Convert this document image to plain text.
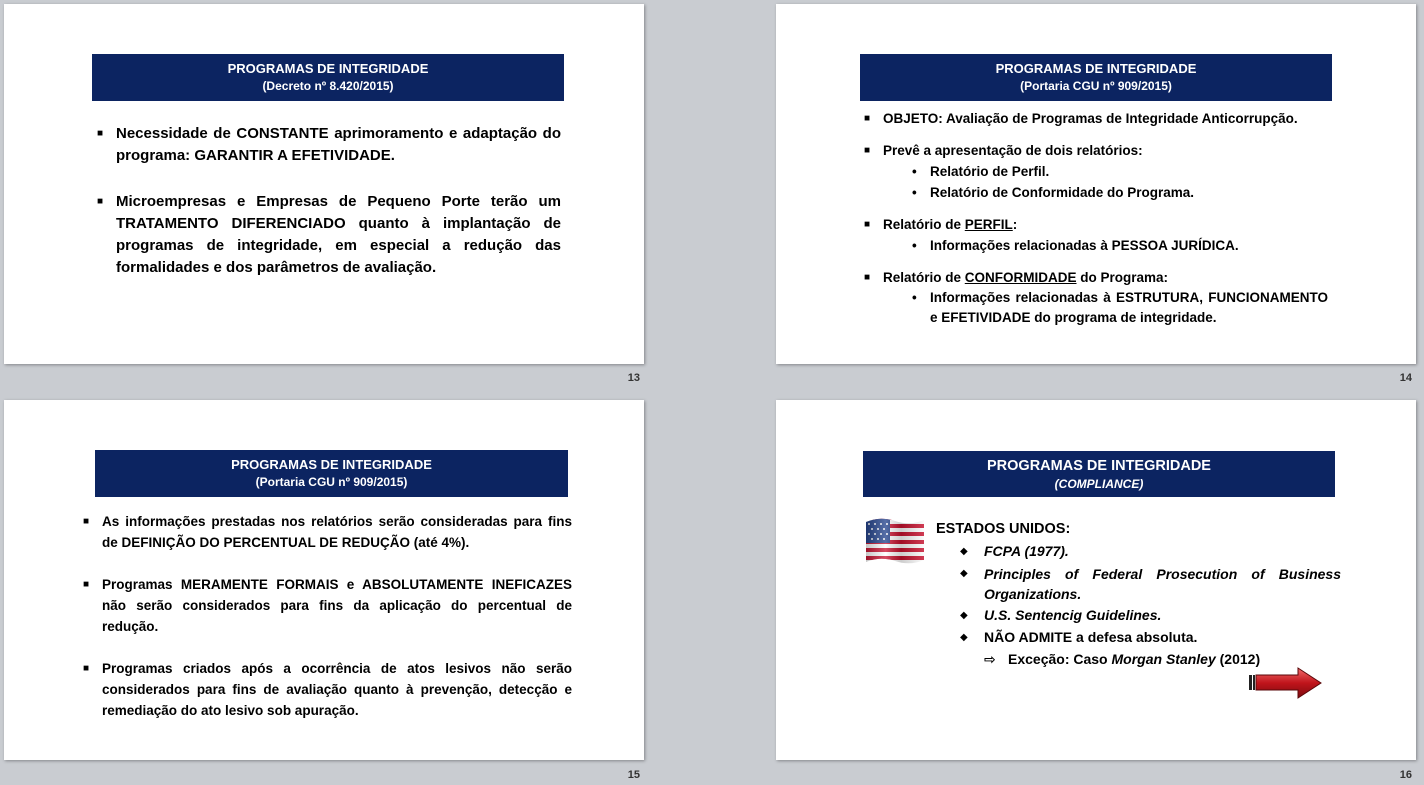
PROGRAMAS DE INTEGRIDADE
(Decreto nº 8.420/2015)
■ Necessidade de CONSTANTE aprimoramento e adaptação do programa: GARANTIR A EFETIVIDADE.
■ Microempresas e Empresas de Pequeno Porte terão um TRATAMENTO DIFERENCIADO quanto à implantação de programas de integridade, em especial a redução das formalidades e dos parâmetros de avaliação.
13
PROGRAMAS DE INTEGRIDADE
(Portaria CGU nº 909/2015)
■ OBJETO: Avaliação de Programas de Integridade Anticorrupção.
■ Prevê a apresentação de dois relatórios:
• Relatório de Perfil.
• Relatório de Conformidade do Programa.
■ Relatório de PERFIL:
• Informações relacionadas à PESSOA JURÍDICA.
■ Relatório de CONFORMIDADE do Programa:
• Informações relacionadas à ESTRUTURA, FUNCIONAMENTO e EFETIVIDADE do programa de integridade.
14
PROGRAMAS DE INTEGRIDADE
(Portaria CGU nº 909/2015)
■ As informações prestadas nos relatórios serão consideradas para fins de DEFINIÇÃO DO PERCENTUAL DE REDUÇÃO (até 4%).
■ Programas MERAMENTE FORMAIS e ABSOLUTAMENTE INEFICAZES não serão considerados para fins da aplicação do percentual de redução.
■ Programas criados após a ocorrência de atos lesivos não serão considerados para fins de avaliação quanto à prevenção, detecção e remediação do ato lesivo sob apuração.
15
PROGRAMAS DE INTEGRIDADE
(COMPLIANCE)
ESTADOS UNIDOS:
◆ FCPA (1977).
◆ Principles of Federal Prosecution of Business Organizations.
◆ U.S. Sentencig Guidelines.
◆ NÃO ADMITE a defesa absoluta.
⇨ Exceção: Caso Morgan Stanley (2012)
16
